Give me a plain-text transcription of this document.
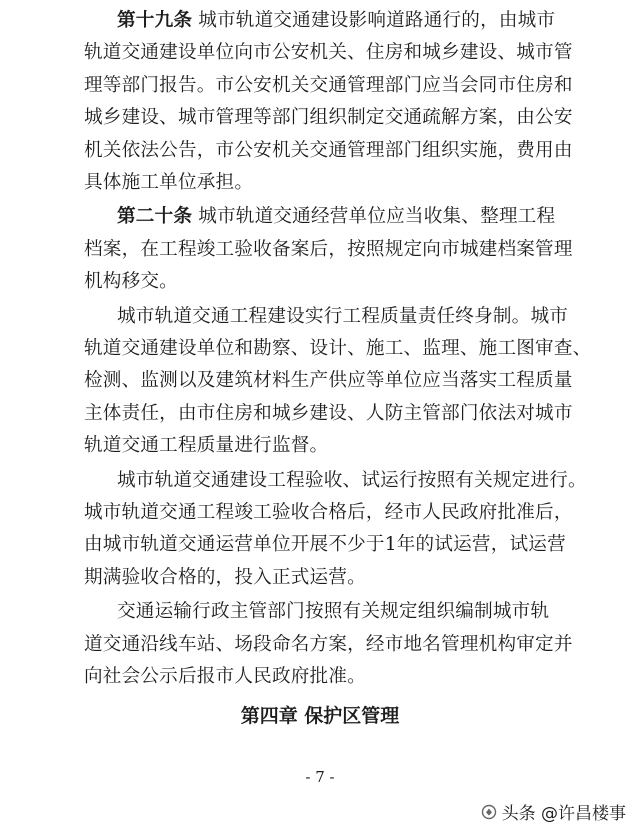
第十九条 城市轨道交通建设影响道路通行的，由城市
轨道交通建设单位向市公安机关、住房和城乡建设、城市管
理等部门报告。市公安机关交通管理部门应当会同市住房和
城乡建设、城市管理等部门组织制定交通疏解方案，由公安
机关依法公告，市公安机关交通管理部门组织实施，费用由
具体施工单位承担。
第二十条 城市轨道交通经营单位应当收集、整理工程
档案，在工程竣工验收备案后，按照规定向市城建档案管理
机构移交。
城市轨道交通工程建设实行工程质量责任终身制。城市
轨道交通建设单位和勘察、设计、施工、监理、施工图审查、
检测、监测以及建筑材料生产供应等单位应当落实工程质量
主体责任，由市住房和城乡建设、人防主管部门依法对城市
轨道交通工程质量进行监督。
城市轨道交通建设工程验收、试运行按照有关规定进行。
城市轨道交通工程竣工验收合格后，经市人民政府批准后，
由城市轨道交通运营单位开展不少于1年的试运营，试运营
期满验收合格的，投入正式运营。
交通运输行政主管部门按照有关规定组织编制城市轨
道交通沿线车站、场段命名方案，经市地名管理机构审定并
向社会公示后报市人民政府批准。
第四章 保护区管理
- 7 -
头条 @许昌楼事
